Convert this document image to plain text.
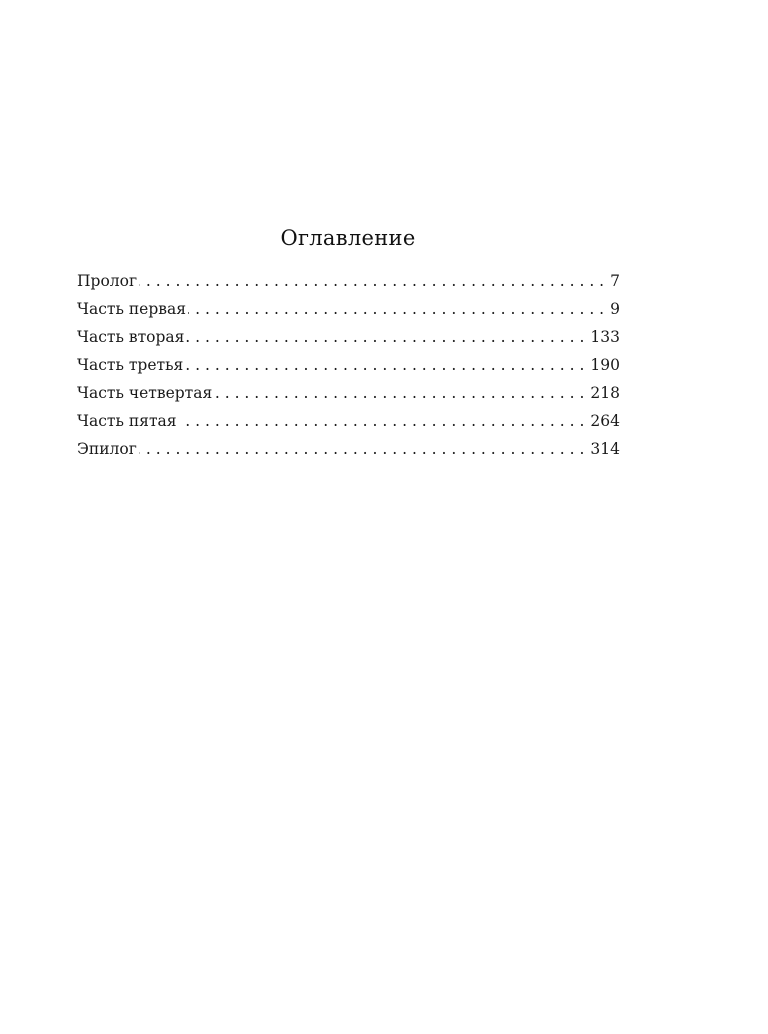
Оглавление
Пролог . . .	7
Часть первая . . .	9
Часть вторая . . .	133
Часть третья . . .	190
Часть четвертая . . .	218
Часть пятая . . .	264
Эпилог . . .	314
